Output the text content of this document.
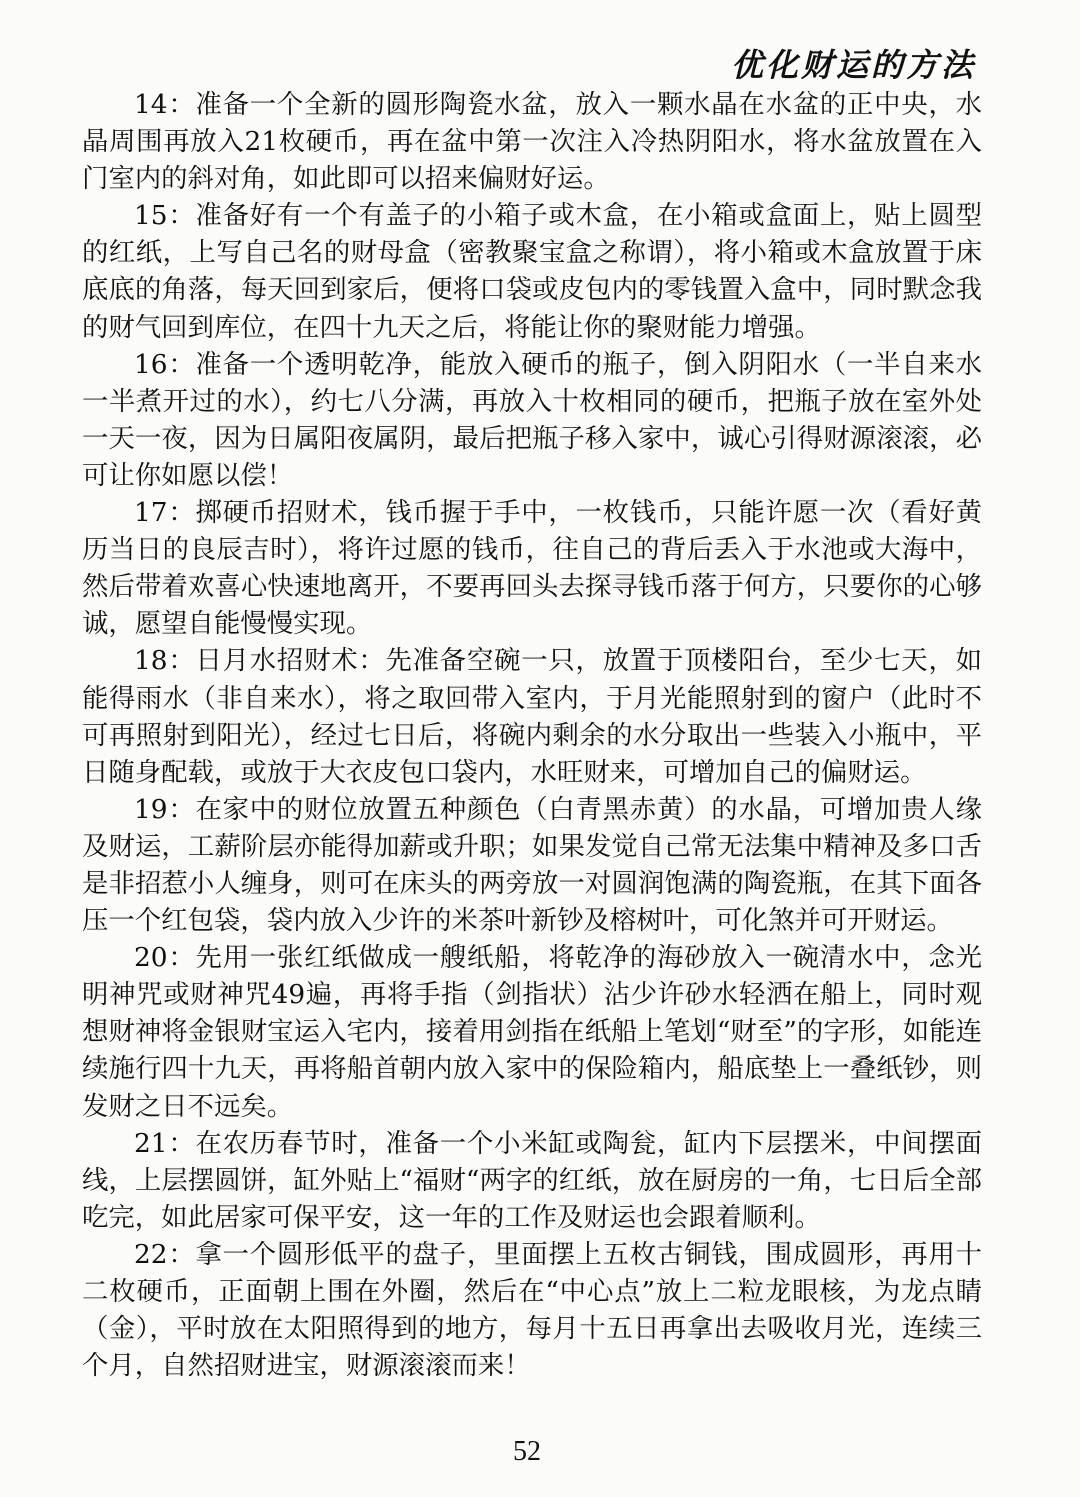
优化财运的方法

14：准备一个全新的圆形陶瓷水盆，放入一颗水晶在水盆的正中央，水晶周围再放入21枚硬币，再在盆中第一次注入冷热阴阳水，将水盆放置在入门室内的斜对角，如此即可以招来偏财好运。

15：准备好有一个有盖子的小箱子或木盒，在小箱或盒面上，贴上圆型的红纸，上写自己名的财母盒（密教聚宝盒之称谓），将小箱或木盒放置于床底底的角落，每天回到家后，便将口袋或皮包内的零钱置入盒中，同时默念我的财气回到库位，在四十九天之后，将能让你的聚财能力增强。

16：准备一个透明乾净，能放入硬币的瓶子，倒入阴阳水（一半自来水一半煮开过的水），约七八分满，再放入十枚相同的硬币，把瓶子放在室外处一天一夜，因为日属阳夜属阴，最后把瓶子移入家中，诚心引得财源滚滚，必可让你如愿以偿！

17：掷硬币招财术，钱币握于手中，一枚钱币，只能许愿一次（看好黄历当日的良辰吉时），将许过愿的钱币，往自己的背后丢入于水池或大海中，然后带着欢喜心快速地离开，不要再回头去探寻钱币落于何方，只要你的心够诚，愿望自能慢慢实现。

18：日月水招财术：先准备空碗一只，放置于顶楼阳台，至少七天，如能得雨水（非自来水），将之取回带入室内，于月光能照射到的窗户（此时不可再照射到阳光），经过七日后，将碗内剩余的水分取出一些装入小瓶中，平日随身配载，或放于大衣皮包口袋内，水旺财来，可增加自己的偏财运。

19：在家中的财位放置五种颜色（白青黑赤黄）的水晶，可增加贵人缘及财运，工薪阶层亦能得加薪或升职；如果发觉自己常无法集中精神及多口舌是非招惹小人缠身，则可在床头的两旁放一对圆润饱满的陶瓷瓶，在其下面各压一个红包袋，袋内放入少许的米茶叶新钞及榕树叶，可化煞并可开财运。

20：先用一张红纸做成一艘纸船，将乾净的海砂放入一碗清水中，念光明神咒或财神咒49遍，再将手指（剑指状）沾少许砂水轻洒在船上，同时观想财神将金银财宝运入宅内，接着用剑指在纸船上笔划“财至”的字形，如能连续施行四十九天，再将船首朝内放入家中的保险箱内，船底垫上一叠纸钞，则发财之日不远矣。

21：在农历春节时，准备一个小米缸或陶瓮，缸内下层摆米，中间摆面线，上层摆圆饼，缸外贴上“福财“两字的红纸，放在厨房的一角，七日后全部吃完，如此居家可保平安，这一年的工作及财运也会跟着顺利。

22：拿一个圆形低平的盘子，里面摆上五枚古铜钱，围成圆形，再用十二枚硬币，正面朝上围在外圈，然后在“中心点”放上二粒龙眼核，为龙点睛（金），平时放在太阳照得到的地方，每月十五日再拿出去吸收月光，连续三个月，自然招财进宝，财源滚滚而来！

52
